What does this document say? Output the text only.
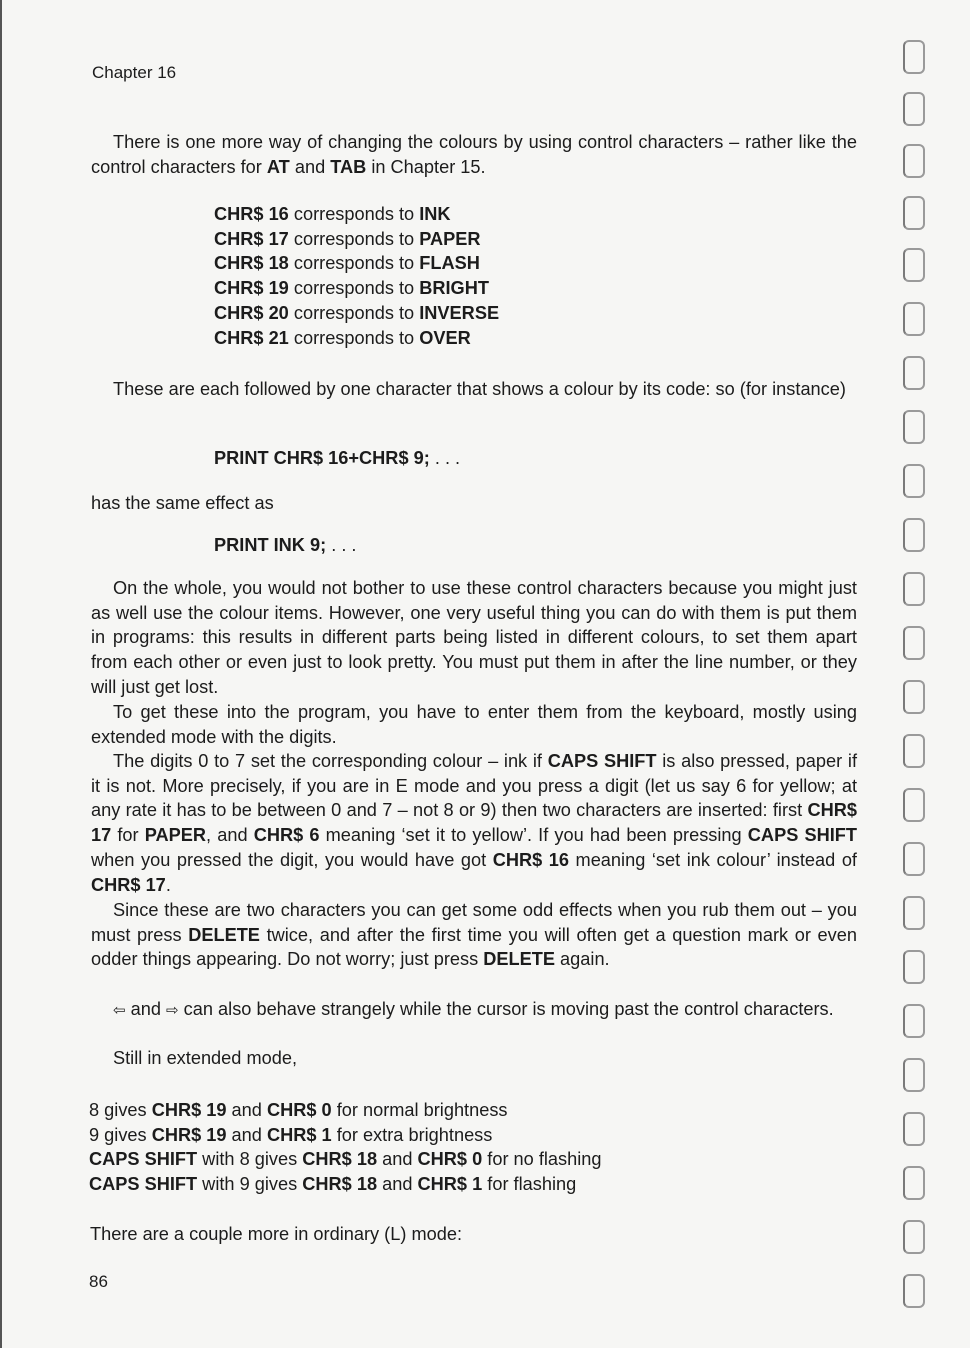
Chapter 16

There is one more way of changing the colours by using control characters – rather like the control characters for AT and TAB in Chapter 15.

CHR$ 16 corresponds to INK
CHR$ 17 corresponds to PAPER
CHR$ 18 corresponds to FLASH
CHR$ 19 corresponds to BRIGHT
CHR$ 20 corresponds to INVERSE
CHR$ 21 corresponds to OVER

These are each followed by one character that shows a colour by its code: so (for instance)

PRINT CHR$ 16+CHR$ 9; . . .
has the same effect as
PRINT INK 9; . . .

On the whole, you would not bother to use these control characters because you might just as well use the colour items. However, one very useful thing you can do with them is put them in programs: this results in different parts being listed in different colours, to set them apart from each other or even just to look pretty. You must put them in after the line number, or they will just get lost.

To get these into the program, you have to enter them from the keyboard, mostly using extended mode with the digits.

The digits 0 to 7 set the corresponding colour – ink if CAPS SHIFT is also pressed, paper if it is not. More precisely, if you are in E mode and you press a digit (let us say 6 for yellow; at any rate it has to be between 0 and 7 – not 8 or 9) then two characters are inserted: first CHR$ 17 for PAPER, and CHR$ 6 meaning ‘set it to yellow’. If you had been pressing CAPS SHIFT when you pressed the digit, you would have got CHR$ 16 meaning ‘set ink colour’ instead of CHR$ 17.

Since these are two characters you can get some odd effects when you rub them out – you must press DELETE twice, and after the first time you will often get a question mark or even odder things appearing. Do not worry; just press DELETE again.

⇦ and ⇨ can also behave strangely while the cursor is moving past the control characters.

Still in extended mode,

8 gives CHR$ 19 and CHR$ 0 for normal brightness
9 gives CHR$ 19 and CHR$ 1 for extra brightness
CAPS SHIFT with 8 gives CHR$ 18 and CHR$ 0 for no flashing
CAPS SHIFT with 9 gives CHR$ 18 and CHR$ 1 for flashing
There are a couple more in ordinary (L) mode:
86
